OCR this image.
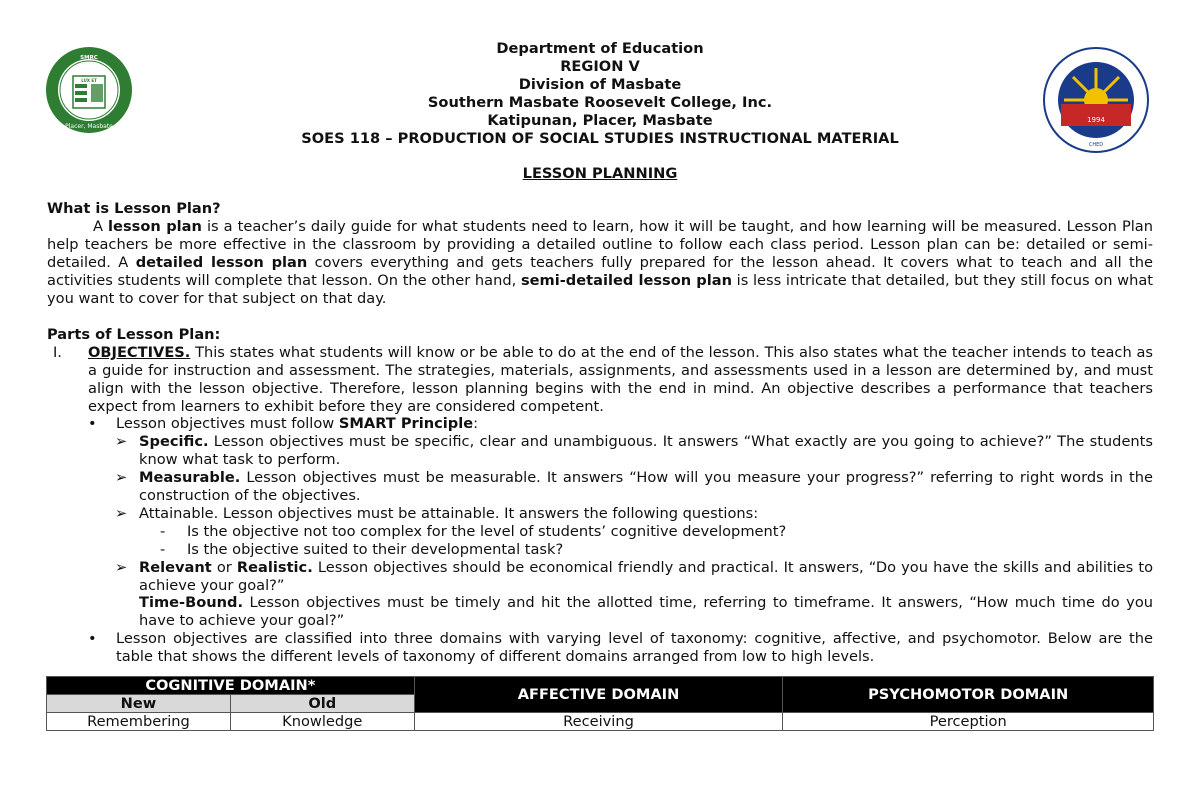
LUX ET
SMRC
Placer, Masbate
1994
CHED
Department of Education
REGION V
Division of Masbate
Southern Masbate Roosevelt College, Inc.
Katipunan, Placer, Masbate
SOES 118 – PRODUCTION OF SOCIAL STUDIES INSTRUCTIONAL MATERIAL
LESSON PLANNING
What is Lesson Plan?
A lesson plan is a teacher’s daily guide for what students need to learn, how it will be taught, and how learning will be measured. Lesson Plan help teachers be more effective in the classroom by providing a detailed outline to follow each class period. Lesson plan can be: detailed or semi-detailed. A detailed lesson plan covers everything and gets teachers fully prepared for the lesson ahead. It covers what to teach and all the activities students will complete that lesson. On the other hand, semi-detailed lesson plan is less intricate that detailed, but they still focus on what you want to cover for that subject on that day.
Parts of Lesson Plan:
I.	OBJECTIVES. This states what students will know or be able to do at the end of the lesson. This also states what the teacher intends to teach as a guide for instruction and assessment. The strategies, materials, assignments, and assessments used in a lesson are determined by, and must align with the lesson objective. Therefore, lesson planning begins with the end in mind. An objective describes a performance that teachers expect from learners to exhibit before they are considered competent.
• Lesson objectives must follow SMART Principle:
➢ Specific. Lesson objectives must be specific, clear and unambiguous. It answers “What exactly are you going to achieve?” The students know what task to perform.
➢ Measurable. Lesson objectives must be measurable. It answers “How will you measure your progress?” referring to right words in the construction of the objectives.
➢ Attainable. Lesson objectives must be attainable. It answers the following questions:
- Is the objective not too complex for the level of students’ cognitive development?
- Is the objective suited to their developmental task?
➢ Relevant or Realistic. Lesson objectives should be economical friendly and practical. It answers, “Do you have the skills and abilities to achieve your goal?”
Time-Bound. Lesson objectives must be timely and hit the allotted time, referring to timeframe. It answers, “How much time do you have to achieve your goal?”
• Lesson objectives are classified into three domains with varying level of taxonomy: cognitive, affective, and psychomotor. Below are the table that shows the different levels of taxonomy of different domains arranged from low to high levels.
COGNITIVE DOMAIN*		AFFECTIVE DOMAIN	PSYCHOMOTOR DOMAIN
New	Old		
Remembering	Knowledge	Receiving	Perception
